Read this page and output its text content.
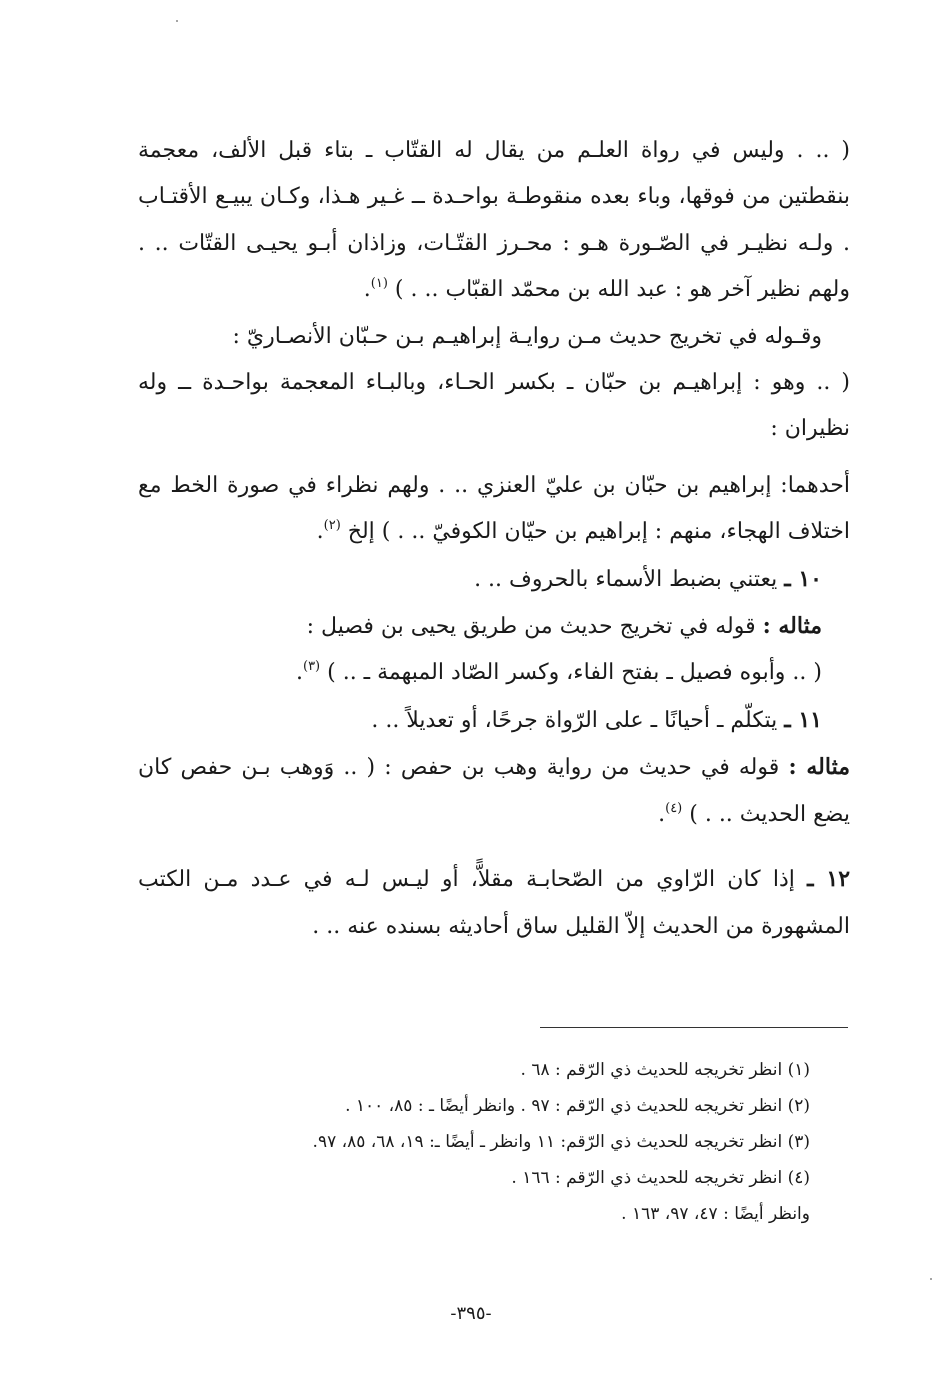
( .. . وليس في رواة العلـم من يقال له القتّاب ـ بتاء قبل الألف، معجمة بنقطتين من فوقها، وباء بعده منقوطـة بواحـدة ــ غـير هـذا، وكـان يبيـع الأقتـاب . ولـه نظيـر في الصّـورة هـو : محـرز القتّـات، وزاذان أبـو يحيـى القتّات .. . ولهم نظير آخر هو : عبد الله بن محمّد القبّاب .. . ) $^{(١)}$.

وقـوله في تخريج حديث مـن روايـة إبراهيـم بـن حـبّان الأنصـاريّ :

( .. وهو : إبراهيـم بن حبّان ـ بكسر الحـاء، وبالبـاء المعجمة بواحـدة ــ وله نظيران :

أحدهما: إبراهيم بن حبّان بن عليّ العنزي .. . ولهم نظراء في صورة الخط مع اختلاف الهجاء، منهم : إبراهيم بن حيّان الكوفيّ .. . ) إلخ $^{(٢)}$.

١٠ ـ يعتني بضبط الأسماء بالحروف .. .

مثاله : قوله في تخريج حديث من طريق يحيى بن فصيل :

( .. وأبوه فصيل ـ بفتح الفاء، وكسر الصّاد المبهمة ـ .. ) $^{(٣)}$.

١١ ـ يتكلّم ـ أحيانًا ـ على الرّواة جرحًا، أو تعديلاً .. .

مثاله : قوله في حديث من رواية وهب بن حفص : ( .. وَوهب بـن حفص كان يضع الحديث .. . ) $^{(٤)}$.

١٢ ـ إذا كان الرّاوي من الصّحابـة مقلاًّ، أو ليـس لـه في عـدد مـن الكتب المشهورة من الحديث إلاّ القليل ساق أحاديثه بسنده عنه .. .

(١) انظر تخريجه للحديث ذي الرّقم : ٦٨ .

(٢) انظر تخريجه للحديث ذي الرّقم : ٩٧ . وانظر أيضًا ـ : ٨٥، ١٠٠ .

(٣) انظر تخريجه للحديث ذي الرّقم: ١١ وانظر ـ أيضًا ـ: ١٩، ٦٨، ٨٥، ٩٧.

(٤) انظر تخريجه للحديث ذي الرّقم : ١٦٦ .

وانظر أيضًا : ٤٧، ٩٧، ١٦٣ .

-٣٩٥-
